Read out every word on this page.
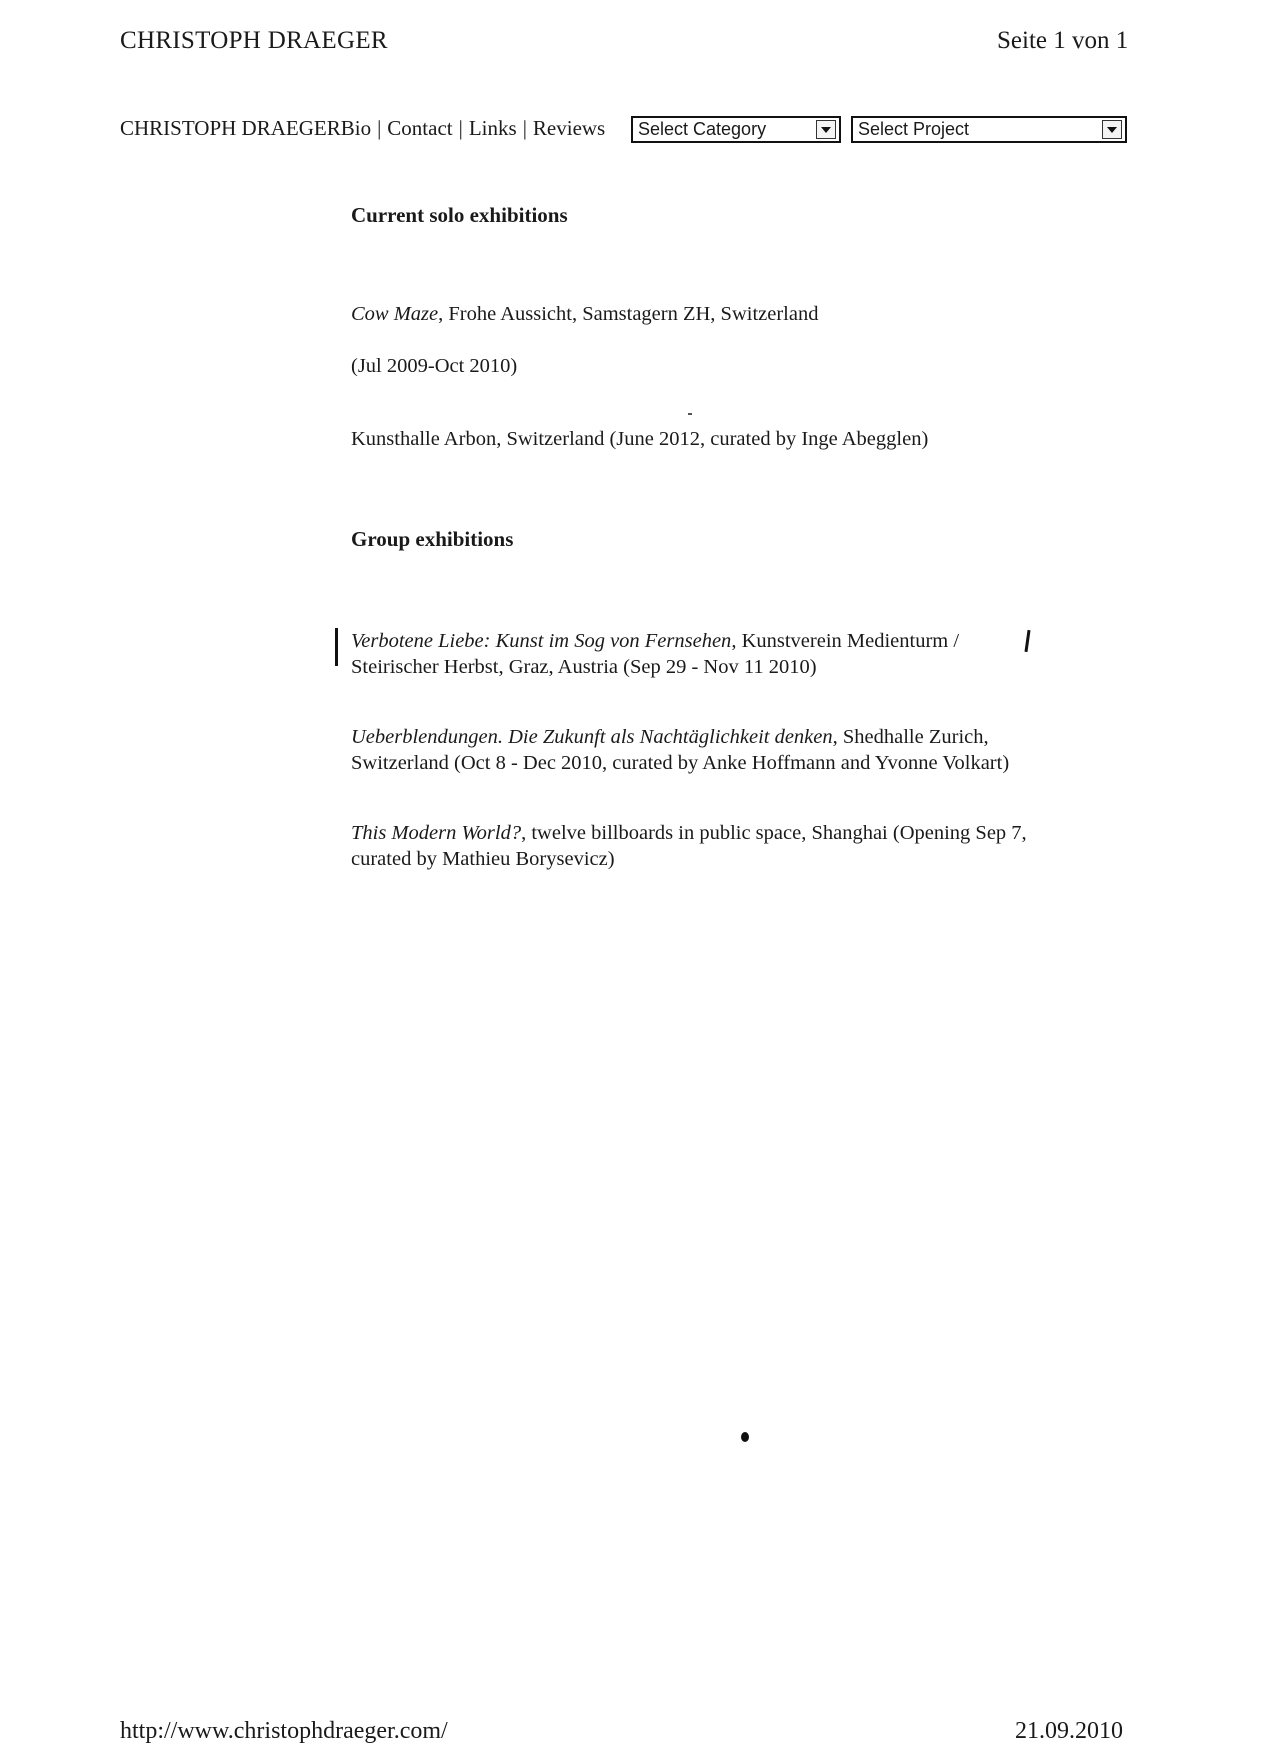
CHRISTOPH DRAEGER	Seite 1 von 1
CHRISTOPH DRAEGER Bio | Contact | Links | Reviews Select Category	Select Project
Current solo exhibitions
Cow Maze, Frohe Aussicht, Samstagern ZH, Switzerland
(Jul 2009-Oct 2010)
Kunsthalle Arbon, Switzerland (June 2012, curated by Inge Abegglen)
Group exhibitions
Verbotene Liebe: Kunst im Sog von Fernsehen, Kunstverein Medienturm / Steirischer Herbst, Graz, Austria (Sep 29 - Nov 11 2010)
Ueberblendungen. Die Zukunft als Nachtäglichkeit denken, Shedhalle Zurich, Switzerland (Oct 8 - Dec 2010, curated by Anke Hoffmann and Yvonne Volkart)
This Modern World?, twelve billboards in public space, Shanghai (Opening Sep 7, curated by Mathieu Borysevicz)
http://www.christophdraeger.com/	21.09.2010
